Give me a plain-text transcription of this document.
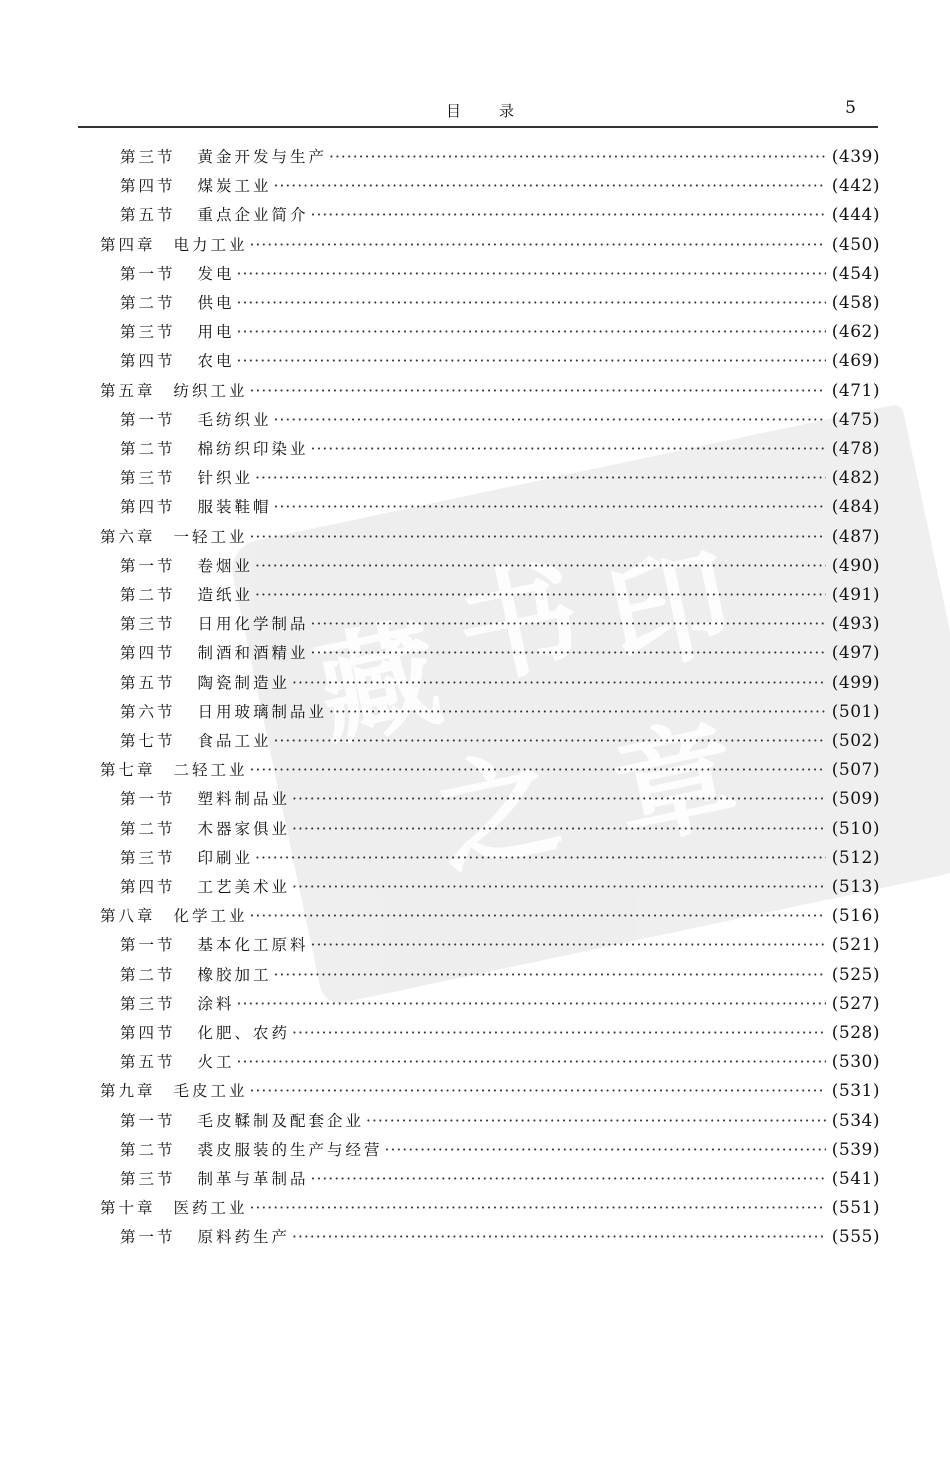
目录	5
藏
书 印
之 章
第三节 黄金开发与生产 ·····	(439)
第四节 煤炭工业 ·····	(442)
第五节 重点企业简介 ·····	(444)
第四章 电力工业 ·····	(450)
第一节 发电 ·····	(454)
第二节 供电 ·····	(458)
第三节 用电 ·····	(462)
第四节 农电 ·····	(469)
第五章 纺织工业 ·····	(471)
第一节 毛纺织业 ·····	(475)
第二节 棉纺织印染业 ·····	(478)
第三节 针织业 ·····	(482)
第四节 服装鞋帽 ·····	(484)
第六章 一轻工业 ·····	(487)
第一节 卷烟业 ·····	(490)
第二节 造纸业 ·····	(491)
第三节 日用化学制品 ·····	(493)
第四节 制酒和酒精业 ·····	(497)
第五节 陶瓷制造业 ·····	(499)
第六节 日用玻璃制品业 ·····	(501)
第七节 食品工业 ·····	(502)
第七章 二轻工业 ·····	(507)
第一节 塑料制品业 ·····	(509)
第二节 木器家俱业 ·····	(510)
第三节 印刷业 ·····	(512)
第四节 工艺美术业 ·····	(513)
第八章 化学工业 ·····	(516)
第一节 基本化工原料 ·····	(521)
第二节 橡胶加工 ·····	(525)
第三节 涂料 ·····	(527)
第四节 化肥、农药 ·····	(528)
第五节 火工 ·····	(530)
第九章 毛皮工业 ·····	(531)
第一节 毛皮鞣制及配套企业 ·····	(534)
第二节 裘皮服装的生产与经营 ·····	(539)
第三节 制革与革制品 ·····	(541)
第十章 医药工业 ·····	(551)
第一节 原料药生产 ·····	(555)
